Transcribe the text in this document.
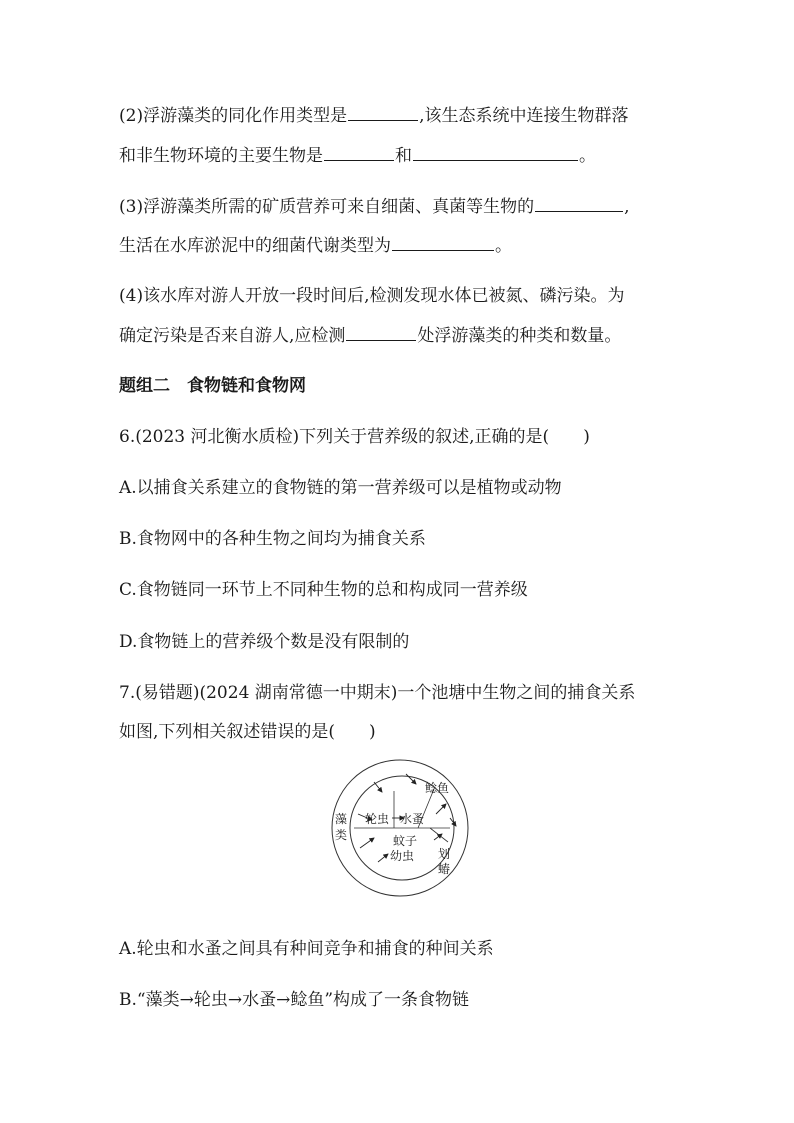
(2)浮游藻类的同化作用类型是	,该生态系统中连接生物群落
和非生物环境的主要生物是	和	。
(3)浮游藻类所需的矿质营养可来自细菌、真菌等生物的	,
生活在水库淤泥中的细菌代谢类型为	。
(4)该水库对游人开放一段时间后,检测发现水体已被氮、磷污染。为
确定污染是否来自游人,应检测	处浮游藻类的种类和数量。
题组二　食物链和食物网
6.(2023 河北衡水质检)下列关于营养级的叙述,正确的是( )
A.以捕食关系建立的食物链的第一营养级可以是植物或动物
B.食物网中的各种生物之间均为捕食关系
C.食物链同一环节上不同种生物的总和构成同一营养级
D.食物链上的营养级个数是没有限制的
7.(易错题)(2024 湖南常德一中期末)一个池塘中生物之间的捕食关系
如图,下列相关叙述错误的是( )
藻
类
轮虫 水蚤
蚊子
幼虫
鲶鱼
划
蝽
A.轮虫和水蚤之间具有种间竞争和捕食的种间关系
B.“藻类→轮虫→水蚤→鲶鱼”构成了一条食物链
